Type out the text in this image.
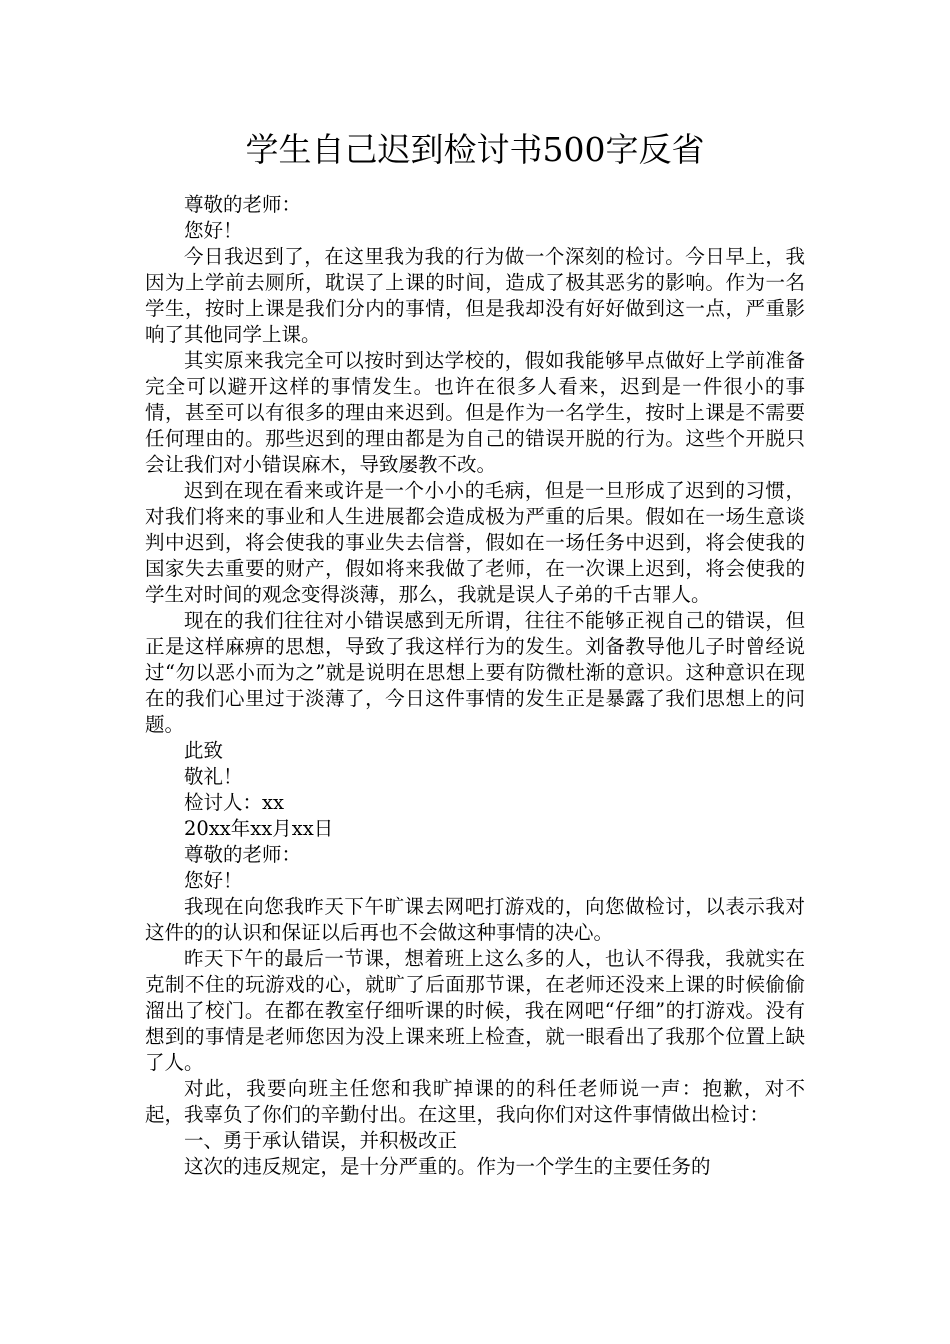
学生自己迟到检讨书500字反省

尊敬的老师：

您好！

今日我迟到了，在这里我为我的行为做一个深刻的检讨。今日早上，我因为上学前去厕所，耽误了上课的时间，造成了极其恶劣的影响。作为一名学生，按时上课是我们分内的事情，但是我却没有好好做到这一点，严重影响了其他同学上课。

其实原来我完全可以按时到达学校的，假如我能够早点做好上学前准备完全可以避开这样的事情发生。也许在很多人看来，迟到是一件很小的事情，甚至可以有很多的理由来迟到。但是作为一名学生，按时上课是不需要任何理由的。那些迟到的理由都是为自己的错误开脱的行为。这些个开脱只会让我们对小错误麻木，导致屡教不改。

迟到在现在看来或许是一个小小的毛病，但是一旦形成了迟到的习惯，对我们将来的事业和人生进展都会造成极为严重的后果。假如在一场生意谈判中迟到，将会使我的事业失去信誉，假如在一场任务中迟到，将会使我的国家失去重要的财产，假如将来我做了老师，在一次课上迟到，将会使我的学生对时间的观念变得淡薄，那么，我就是误人子弟的千古罪人。

现在的我们往往对小错误感到无所谓，往往不能够正视自己的错误，但正是这样麻痹的思想，导致了我这样行为的发生。刘备教导他儿子时曾经说过“勿以恶小而为之”就是说明在思想上要有防微杜渐的意识。这种意识在现在的我们心里过于淡薄了，今日这件事情的发生正是暴露了我们思想上的问题。

此致

敬礼！

检讨人：xx

20xx年xx月xx日

尊敬的老师：

您好！

我现在向您我昨天下午旷课去网吧打游戏的，向您做检讨，以表示我对这件的的认识和保证以后再也不会做这种事情的决心。

昨天下午的最后一节课，想着班上这么多的人，也认不得我，我就实在克制不住的玩游戏的心，就旷了后面那节课，在老师还没来上课的时候偷偷溜出了校门。在都在教室仔细听课的时候，我在网吧“仔细”的打游戏。没有想到的事情是老师您因为没上课来班上检查，就一眼看出了我那个位置上缺了人。

对此，我要向班主任您和我旷掉课的的科任老师说一声：抱歉，对不起，我辜负了你们的辛勤付出。在这里，我向你们对这件事情做出检讨：

一、勇于承认错误，并积极改正

这次的违反规定，是十分严重的。作为一个学生的主要任务的
